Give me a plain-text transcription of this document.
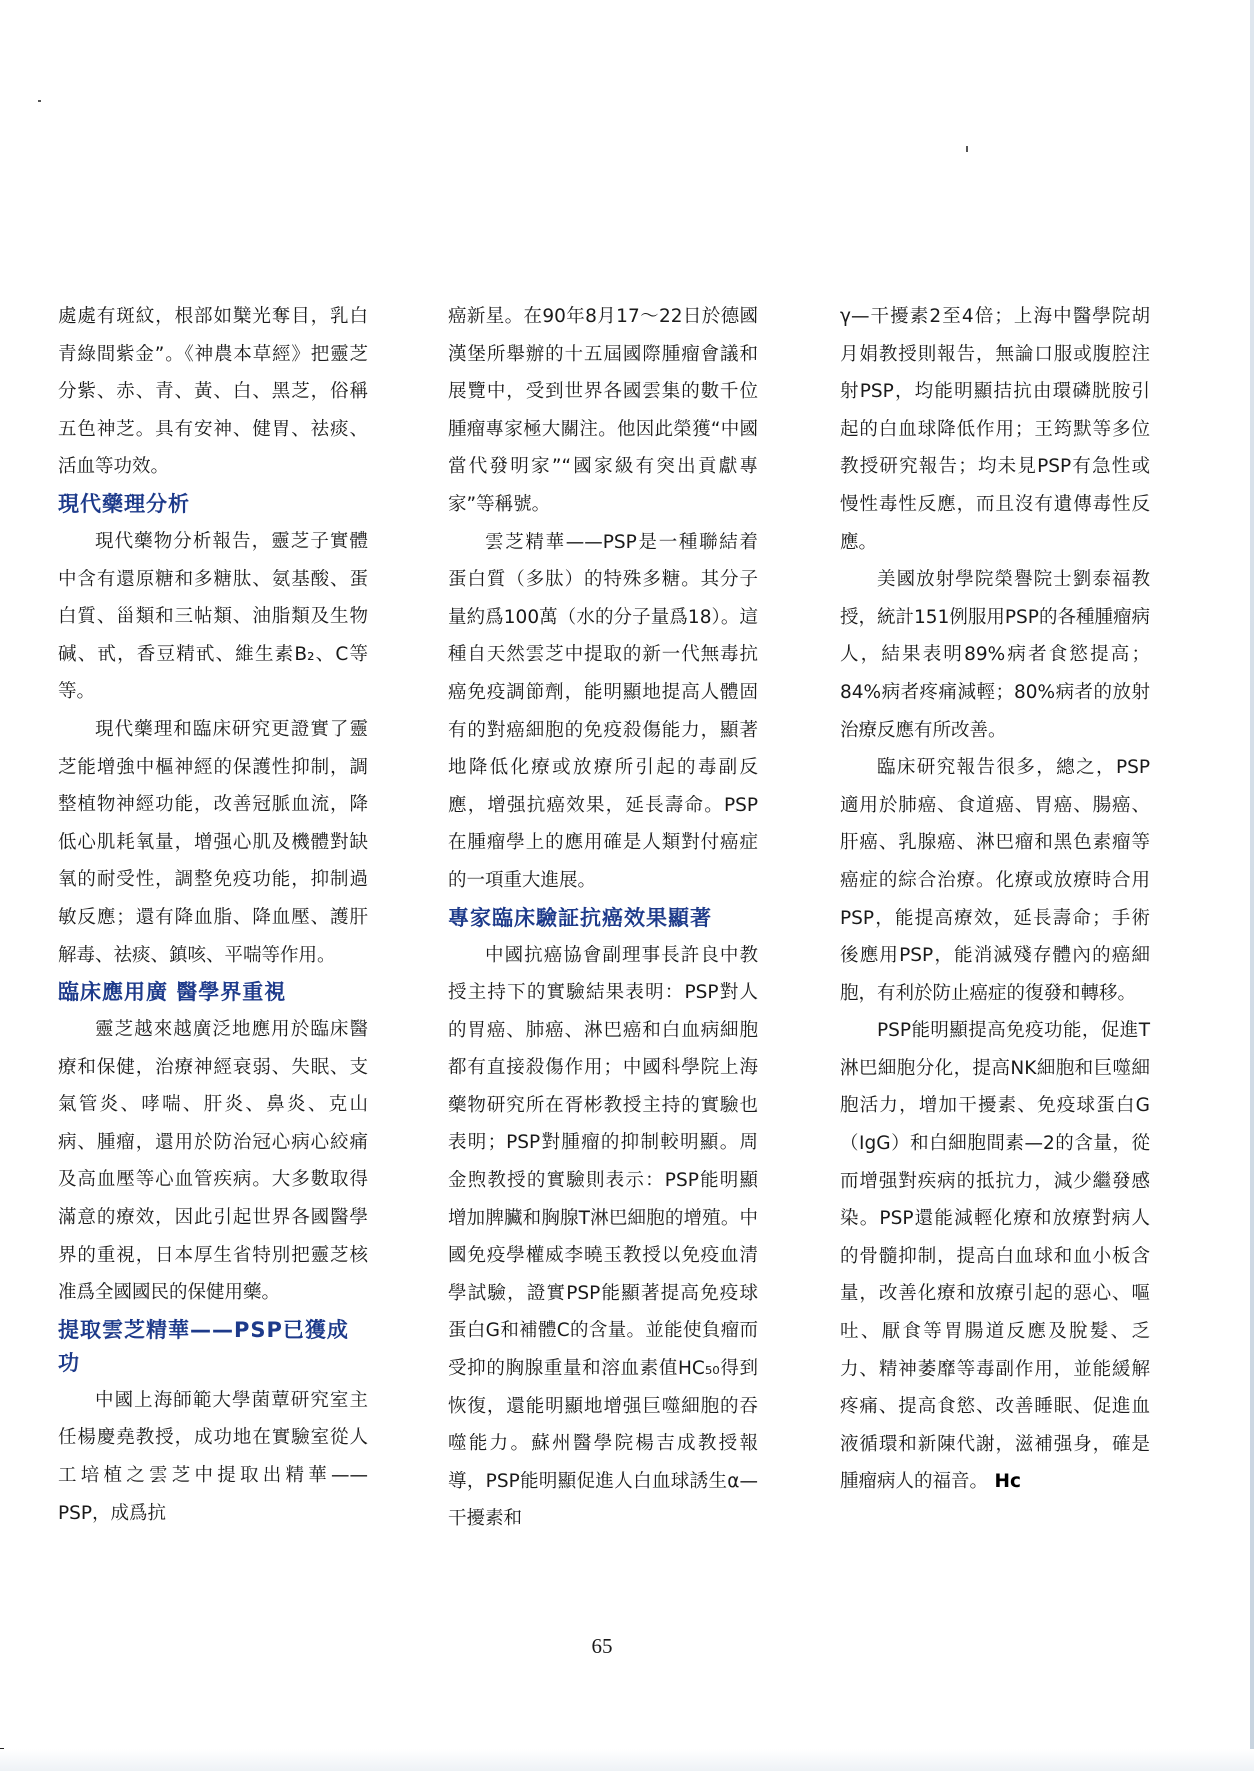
處處有斑紋，根部如櫱光奪目，乳白青綠間紫金”。《神農本草經》把靈芝分紫、赤、青、黃、白、黑芝，俗稱五色神芝。具有安神、健胃、祛痰、活血等功效。

現代藥理分析

現代藥物分析報告，靈芝子實體中含有還原糖和多糖肽、氨基酸、蛋白質、甾類和三帖類、油脂類及生物碱、甙，香豆精甙、維生素B₂、C等等。

現代藥理和臨床研究更證實了靈芝能增強中樞神經的保護性抑制，調整植物神經功能，改善冠脈血流，降低心肌耗氧量，增强心肌及機體對缺氧的耐受性，調整免疫功能，抑制過敏反應；還有降血脂、降血壓、護肝解毒、祛痰、鎮咳、平喘等作用。

臨床應用廣 醫學界重視

靈芝越來越廣泛地應用於臨床醫療和保健，治療神經衰弱、失眠、支氣管炎、哮喘、肝炎、鼻炎、克山病、腫瘤，還用於防治冠心病心絞痛及高血壓等心血管疾病。大多數取得滿意的療效，因此引起世界各國醫學界的重視，日本厚生省特別把靈芝核准爲全國國民的保健用藥。

提取雲芝精華——PSP已獲成功

中國上海師範大學菌蕈研究室主任楊慶堯教授，成功地在實驗室從人工培植之雲芝中提取出精華——PSP，成爲抗

癌新星。在90年8月17～22日於德國漢堡所舉辦的十五屆國際腫瘤會議和展覽中，受到世界各國雲集的數千位腫瘤專家極大關注。他因此榮獲“中國當代發明家”“國家級有突出貢獻專家”等稱號。

雲芝精華——PSP是一種聯結着蛋白質（多肽）的特殊多糖。其分子量約爲100萬（水的分子量爲18）。這種自天然雲芝中提取的新一代無毒抗癌免疫調節劑，能明顯地提高人體固有的對癌細胞的免疫殺傷能力，顯著地降低化療或放療所引起的毒副反應，增强抗癌效果，延長壽命。PSP在腫瘤學上的應用確是人類對付癌症的一項重大進展。

專家臨床驗証抗癌效果顯著

中國抗癌協會副理事長許良中教授主持下的實驗結果表明：PSP對人的胃癌、肺癌、淋巴癌和白血病細胞都有直接殺傷作用；中國科學院上海藥物研究所在胥彬教授主持的實驗也表明；PSP對腫瘤的抑制較明顯。周金煦教授的實驗則表示：PSP能明顯增加脾臟和胸腺T淋巴細胞的增殖。中國免疫學權威李曉玉教授以免疫血清學試驗，證實PSP能顯著提高免疫球蛋白G和補體C的含量。並能使負瘤而受抑的胸腺重量和溶血素值HC₅₀得到恢復，還能明顯地增强巨噬細胞的吞噬能力。蘇州醫學院楊吉成教授報導，PSP能明顯促進人白血球誘生α—干擾素和

γ—干擾素2至4倍；上海中醫學院胡月娟教授則報告，無論口服或腹腔注射PSP，均能明顯拮抗由環磷胱胺引起的白血球降低作用；王筠默等多位教授研究報告；均未見PSP有急性或慢性毒性反應，而且沒有遺傳毒性反應。

美國放射學院榮譽院士劉泰福教授，統計151例服用PSP的各種腫瘤病人，結果表明89%病者食慾提高；84%病者疼痛減輕；80%病者的放射治療反應有所改善。

臨床研究報告很多，總之，PSP適用於肺癌、食道癌、胃癌、腸癌、肝癌、乳腺癌、淋巴瘤和黑色素瘤等癌症的綜合治療。化療或放療時合用PSP，能提高療效，延長壽命；手術後應用PSP，能消滅殘存體內的癌細胞，有利於防止癌症的復發和轉移。

PSP能明顯提高免疫功能，促進T淋巴細胞分化，提高NK細胞和巨噬細胞活力，增加干擾素、免疫球蛋白G（IgG）和白細胞間素—2的含量，從而增强對疾病的抵抗力，減少繼發感染。PSP還能減輕化療和放療對病人的骨髓抑制，提高白血球和血小板含量，改善化療和放療引起的惡心、嘔吐、厭食等胃腸道反應及脫髮、乏力、精神萎靡等毒副作用，並能緩解疼痛、提高食慾、改善睡眠、促進血液循環和新陳代謝，滋補强身，確是腫瘤病人的福音。 Hc

65
